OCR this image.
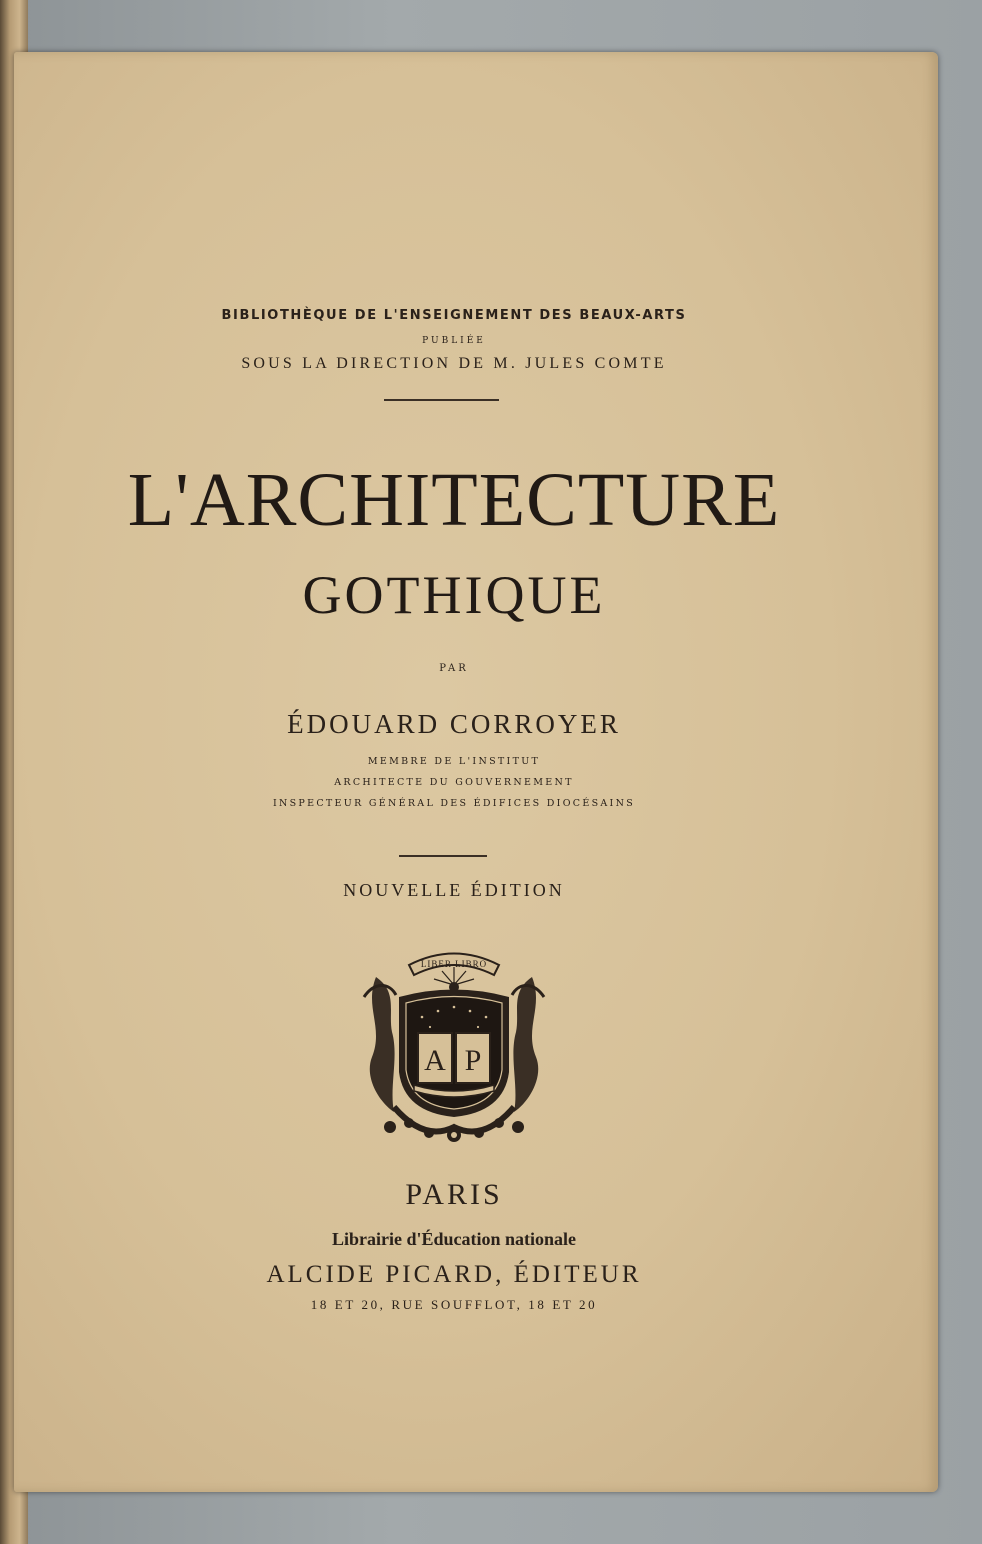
BIBLIOTHÈQUE DE L'ENSEIGNEMENT DES BEAUX-ARTS
PUBLIÉE
SOUS LA DIRECTION DE M. JULES COMTE
L'ARCHITECTURE
GOTHIQUE
PAR
ÉDOUARD CORROYER
MEMBRE DE L'INSTITUT
ARCHITECTE DU GOUVERNEMENT
INSPECTEUR GÉNÉRAL DES ÉDIFICES DIOCÉSAINS
NOUVELLE ÉDITION
LIBER LIBRO
A P
PARIS
Librairie d'Éducation nationale
ALCIDE PICARD, ÉDITEUR
18 ET 20, RUE SOUFFLOT, 18 ET 20
